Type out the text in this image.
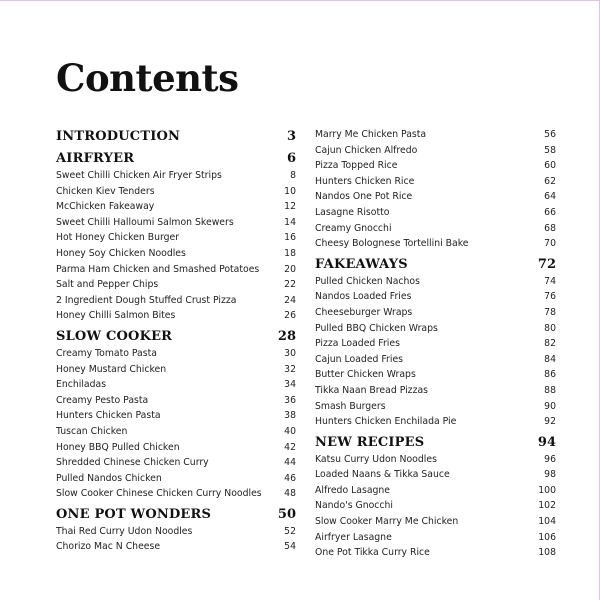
Contents
INTRODUCTION	3
AIRFRYER	6
Sweet Chilli Chicken Air Fryer Strips	8
Chicken Kiev Tenders	10
McChicken Fakeaway	12
Sweet Chilli Halloumi Salmon Skewers	14
Hot Honey Chicken Burger	16
Honey Soy Chicken Noodles	18
Parma Ham Chicken and Smashed Potatoes	20
Salt and Pepper Chips	22
2 Ingredient Dough Stuffed Crust Pizza	24
Honey Chilli Salmon Bites	26
SLOW COOKER	28
Creamy Tomato Pasta	30
Honey Mustard Chicken	32
Enchiladas	34
Creamy Pesto Pasta	36
Hunters Chicken Pasta	38
Tuscan Chicken	40
Honey BBQ Pulled Chicken	42
Shredded Chinese Chicken Curry	44
Pulled Nandos Chicken	46
Slow Cooker Chinese Chicken Curry Noodles 48
ONE POT WONDERS	50
Thai Red Curry Udon Noodles	52
Chorizo Mac N Cheese	54
Marry Me Chicken Pasta	56
Cajun Chicken Alfredo	58
Pizza Topped Rice	60
Hunters Chicken Rice	62
Nandos One Pot Rice	64
Lasagne Risotto	66
Creamy Gnocchi	68
Cheesy Bolognese Tortellini Bake	70
FAKEAWAYS	72
Pulled Chicken Nachos	74
Nandos Loaded Fries	76
Cheeseburger Wraps	78
Pulled BBQ Chicken Wraps	80
Pizza Loaded Fries	82
Cajun Loaded Fries	84
Butter Chicken Wraps	86
Tikka Naan Bread Pizzas	88
Smash Burgers	90
Hunters Chicken Enchilada Pie	92
NEW RECIPES	94
Katsu Curry Udon Noodles	96
Loaded Naans & Tikka Sauce	98
Alfredo Lasagne	100
Nando's Gnocchi	102
Slow Cooker Marry Me Chicken	104
Airfryer Lasagne	106
One Pot Tikka Curry Rice	108
